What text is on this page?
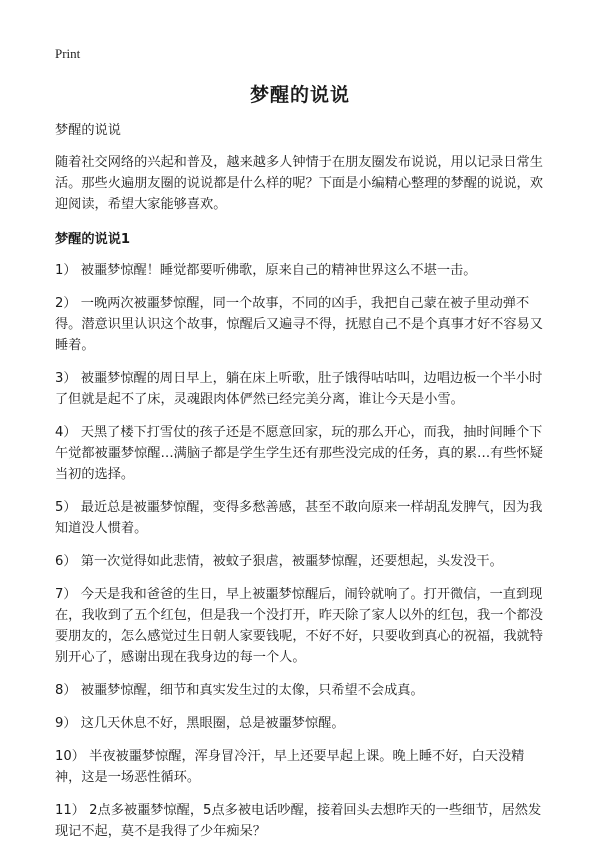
Print
梦醒的说说

梦醒的说说

随着社交网络的兴起和普及，越来越多人钟情于在朋友圈发布说说，用以记录日常生活。那些火遍朋友圈的说说都是什么样的呢？下面是小编精心整理的梦醒的说说，欢迎阅读，希望大家能够喜欢。

梦醒的说说1

1） 被噩梦惊醒！睡觉都要听佛歌，原来自己的精神世界这么不堪一击。

2） 一晚两次被噩梦惊醒，同一个故事，不同的凶手，我把自己蒙在被子里动弹不得。潜意识里认识这个故事，惊醒后又遍寻不得，抚慰自己不是个真事才好不容易又睡着。

3） 被噩梦惊醒的周日早上，躺在床上听歌，肚子饿得咕咕叫，边唱边板一个半小时了但就是起不了床，灵魂跟肉体俨然已经完美分离，谁让今天是小雪。

4） 天黑了楼下打雪仗的孩子还是不愿意回家，玩的那么开心，而我，抽时间睡个下午觉都被噩梦惊醒…满脑子都是学生学生还有那些没完成的任务，真的累…有些怀疑当初的选择。

5） 最近总是被噩梦惊醒，变得多愁善感，甚至不敢向原来一样胡乱发脾气，因为我知道没人惯着。

6） 第一次觉得如此悲情，被蚊子狠虐，被噩梦惊醒，还要想起，头发没干。

7） 今天是我和爸爸的生日，早上被噩梦惊醒后，闹铃就响了。打开微信，一直到现在，我收到了五个红包，但是我一个没打开，昨天除了家人以外的红包，我一个都没要朋友的，怎么感觉过生日朝人家要钱呢，不好不好，只要收到真心的祝福，我就特别开心了，感谢出现在我身边的每一个人。

8） 被噩梦惊醒，细节和真实发生过的太像，只希望不会成真。

9） 这几天休息不好，黑眼圈，总是被噩梦惊醒。

10） 半夜被噩梦惊醒，浑身冒冷汗，早上还要早起上课。晚上睡不好，白天没精神，这是一场恶性循环。

11） 2点多被噩梦惊醒，5点多被电话吵醒，接着回头去想昨天的一些细节，居然发现记不起，莫不是我得了少年痴呆？
